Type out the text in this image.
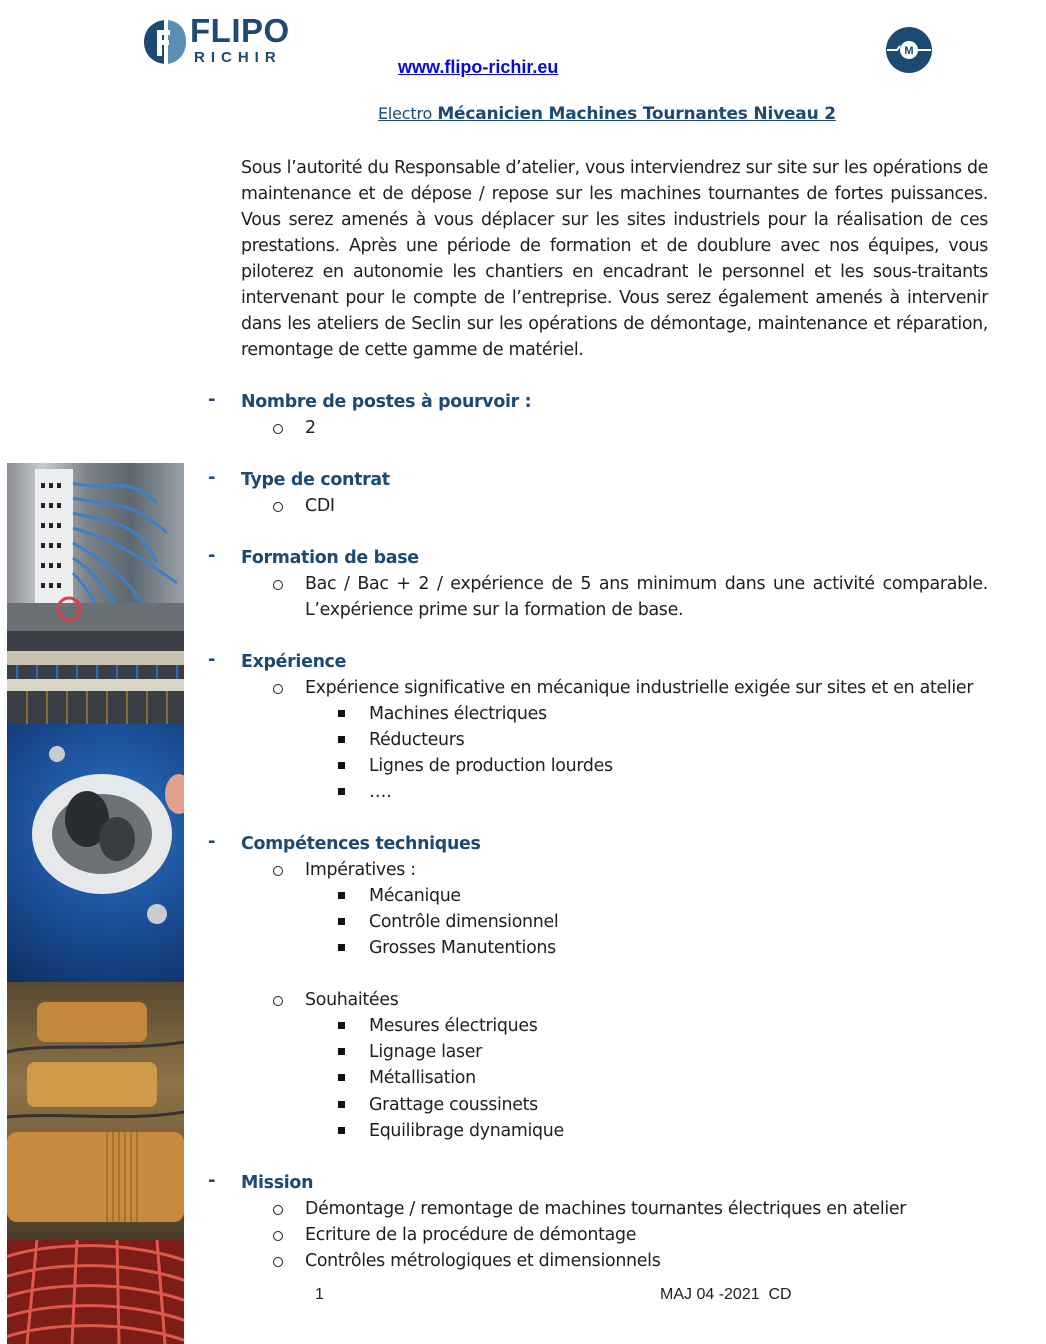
FLIPO
RICHIR	M
www.flipo-richir.eu
Electro Mécanicien Machines Tournantes Niveau 2
Sous l’autorité du Responsable d’atelier, vous interviendrez sur site sur les opérations de maintenance et de dépose / repose sur les machines tournantes de fortes puissances. Vous serez amenés à vous déplacer sur les sites industriels pour la réalisation de ces prestations. Après une période de formation et de doublure avec nos équipes, vous piloterez en autonomie les chantiers en encadrant le personnel et les sous-traitants intervenant pour le compte de l’entreprise. Vous serez également amenés à intervenir dans les ateliers de Seclin sur les opérations de démontage, maintenance et réparation, remontage de cette gamme de matériel.
- Nombre de postes à pourvoir :
2
- Type de contrat
CDI
- Formation de base
Bac / Bac + 2 / expérience de 5 ans minimum dans une activité comparable. L’expérience prime sur la formation de base.
- Expérience
Expérience significative en mécanique industrielle exigée sur sites et en atelier
Machines électriques
Réducteurs
Lignes de production lourdes
….
- Compétences techniques
Impératives :
Mécanique
Contrôle dimensionnel
Grosses Manutentions
Souhaitées
Mesures électriques
Lignage laser
Métallisation
Grattage coussinets
Equilibrage dynamique
- Mission
Démontage / remontage de machines tournantes électriques en atelier
Ecriture de la procédure de démontage
Contrôles métrologiques et dimensionnels
1	MAJ 04 -2021  CD
